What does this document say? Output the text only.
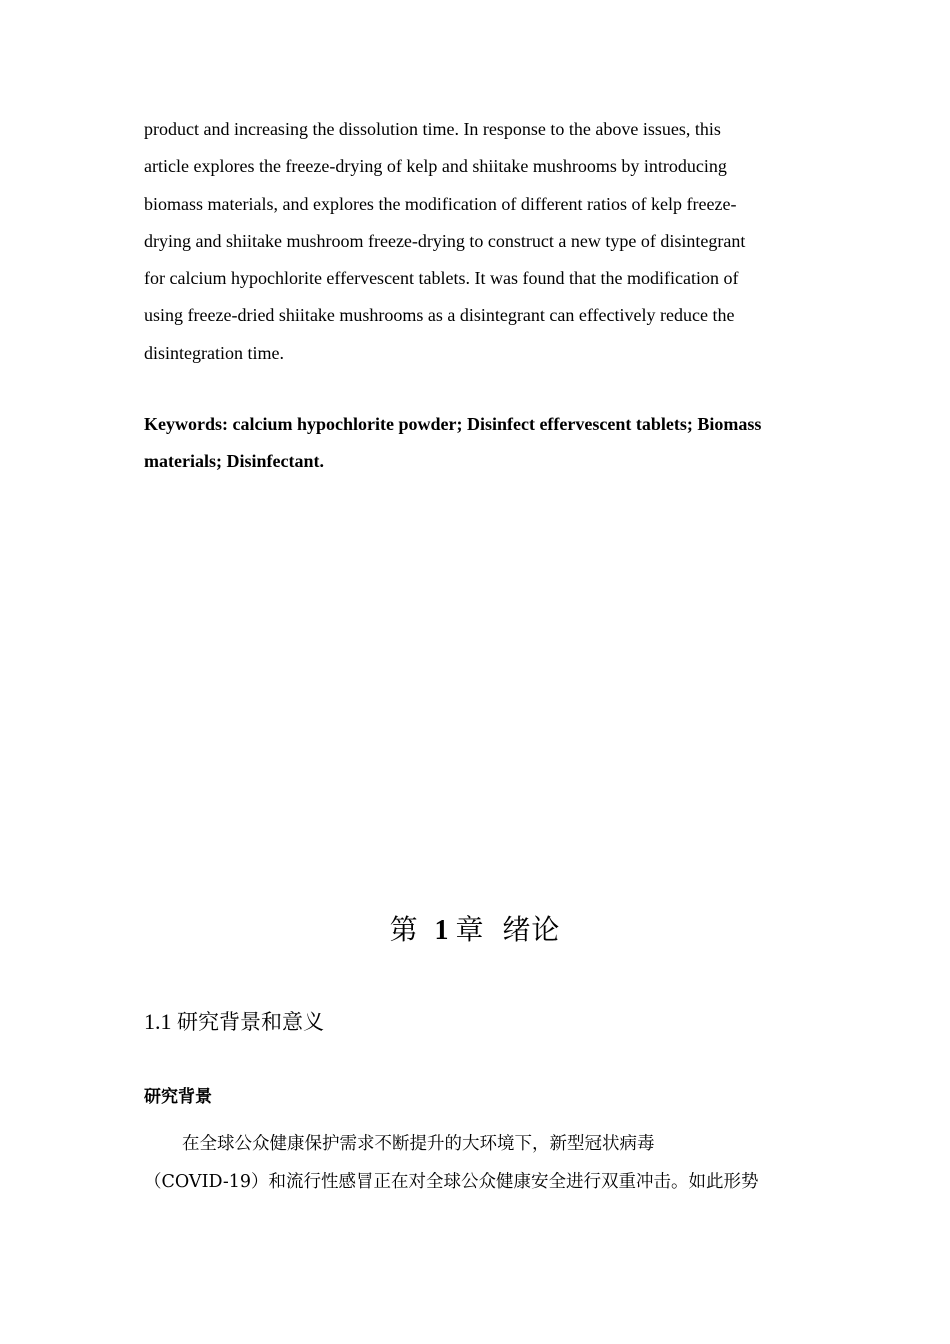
product and increasing the dissolution time. In response to the above issues, this
article explores the freeze-drying of kelp and shiitake mushrooms by introducing
biomass materials, and explores the modification of different ratios of kelp freeze-
drying and shiitake mushroom freeze-drying to construct a new type of disintegrant
for calcium hypochlorite effervescent tablets. It was found that the modification of
using freeze-dried shiitake mushrooms as a disintegrant can effectively reduce the
disintegration time.

Keywords: calcium hypochlorite powder; Disinfect effervescent tablets; Biomass
materials; Disinfectant.

第 1 章 绪论
1.1 研究背景和意义
研究背景

在全球公众健康保护需求不断提升的大环境下，新型冠状病毒
（COVID-19）和流行性感冒正在对全球公众健康安全进行双重冲击。如此形势
